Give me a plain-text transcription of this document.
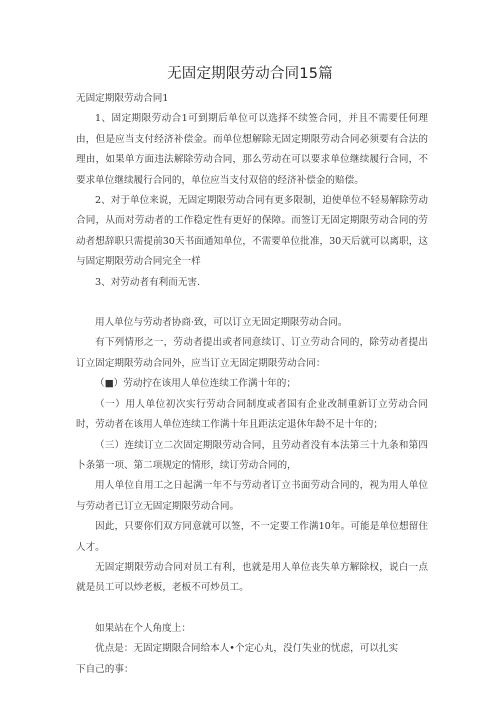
无固定期限劳动合同15篇

无固定期限劳动合同1

1、固定期限劳动合1可到期后单位可以选择不续签合同，并且不需要任何理由，但是应当支付经济补偿金。而单位想解除无固定期限劳动合同必须要有合法的理由，如果单方面违法解除劳动合同，那么劳动在可以要求单位继续履行合同，不要求单位继续履行合同的，单位应当支付双倍的经济补偿金的赔偿。

2、对于单位来说，无固定期限劳动合同有更多限制，迫使单位不轻易解除劳动合同，从而对劳动者的工作稳定性有更好的保障。而签订无固定期限劳动合同的劳动者想辞职只需提前30天书面通知单位，不需要单位批准，30天后就可以离职，这与固定期限劳动合同完全一样

3、对劳动者有利而无害.

用人单位与劳动者协商·致，可以订立无固定期限劳动合同。

有下列情形之一，劳动者提出或者同意续订、订立劳动合同的，除劳动者提出订立固定期限劳动合同外，应当订立无固定期限劳动合同：

（■）劳动拧在该用人单位连续工作满十年的；

（一）用人单位初次实行劳动合同制度或者国有企业改制重新订立劳动合同时，劳动者在该用人单位连续工作满十年且距法定退休年龄不足十年的；

（三）连续订立二次固定期限劳动合同，且劳动者没有本法第三十九条和第四卜条第一项、第二项规定的情形，续订劳动合同的，

用人单位自用工之日起满一年不与劳动者订立书面劳动合同的，视为用人单位与劳动者已订立无固定期限劳动合同。

因此，只要你们双方同意就可以签，不一定要工作满10年。可能是单位想留住人才。

无固定期限劳动合同对员工有利，也就是用人单位丧失单方解除权，说白一点就是员工可以炒老板，老板不可炒员工。

如果站在个人角度上：

优点是：无固定期限合同给本人•个定心丸，没仃失业的忧虑，可以扎实

下自己的事：
